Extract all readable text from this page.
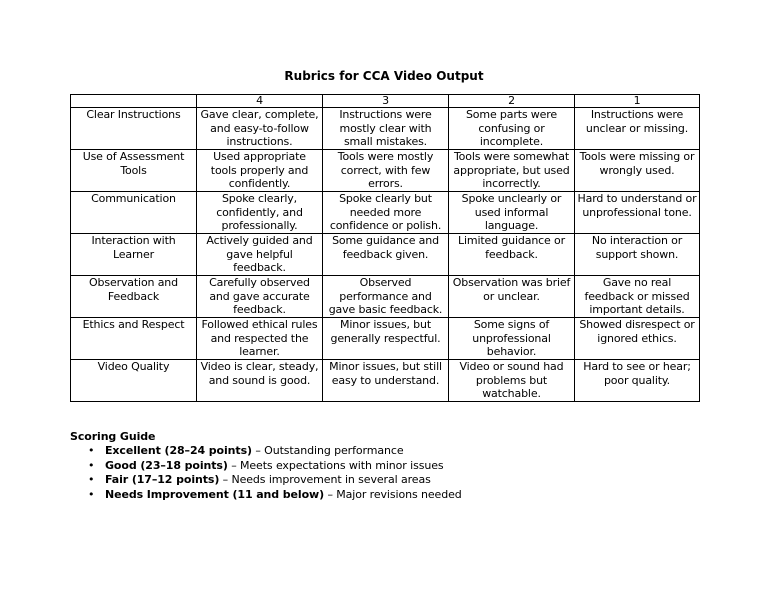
Rubrics for CCA Video Output
	4	3	2	1
Clear Instructions	Gave clear, complete, and easy-to-follow instructions.	Instructions were mostly clear with small mistakes.	Some parts were confusing or incomplete.	Instructions were unclear or missing.
Use of Assessment Tools	Used appropriate tools properly and confidently.	Tools were mostly correct, with few errors.	Tools were somewhat appropriate, but used incorrectly.	Tools were missing or wrongly used.
Communication	Spoke clearly, confidently, and professionally.	Spoke clearly but needed more confidence or polish.	Spoke unclearly or used informal language.	Hard to understand or unprofessional tone.
Interaction with Learner	Actively guided and gave helpful feedback.	Some guidance and feedback given.	Limited guidance or feedback.	No interaction or support shown.
Observation and Feedback	Carefully observed and gave accurate feedback.	Observed performance and gave basic feedback.	Observation was brief or unclear.	Gave no real feedback or missed important details.
Ethics and Respect	Followed ethical rules and respected the learner.	Minor issues, but generally respectful.	Some signs of unprofessional behavior.	Showed disrespect or ignored ethics.
Video Quality	Video is clear, steady, and sound is good.	Minor issues, but still easy to understand.	Video or sound had problems but watchable.	Hard to see or hear; poor quality.
Scoring Guide
• Excellent (28–24 points) – Outstanding performance
• Good (23–18 points) – Meets expectations with minor issues
• Fair (17–12 points) – Needs improvement in several areas
• Needs Improvement (11 and below) – Major revisions needed
